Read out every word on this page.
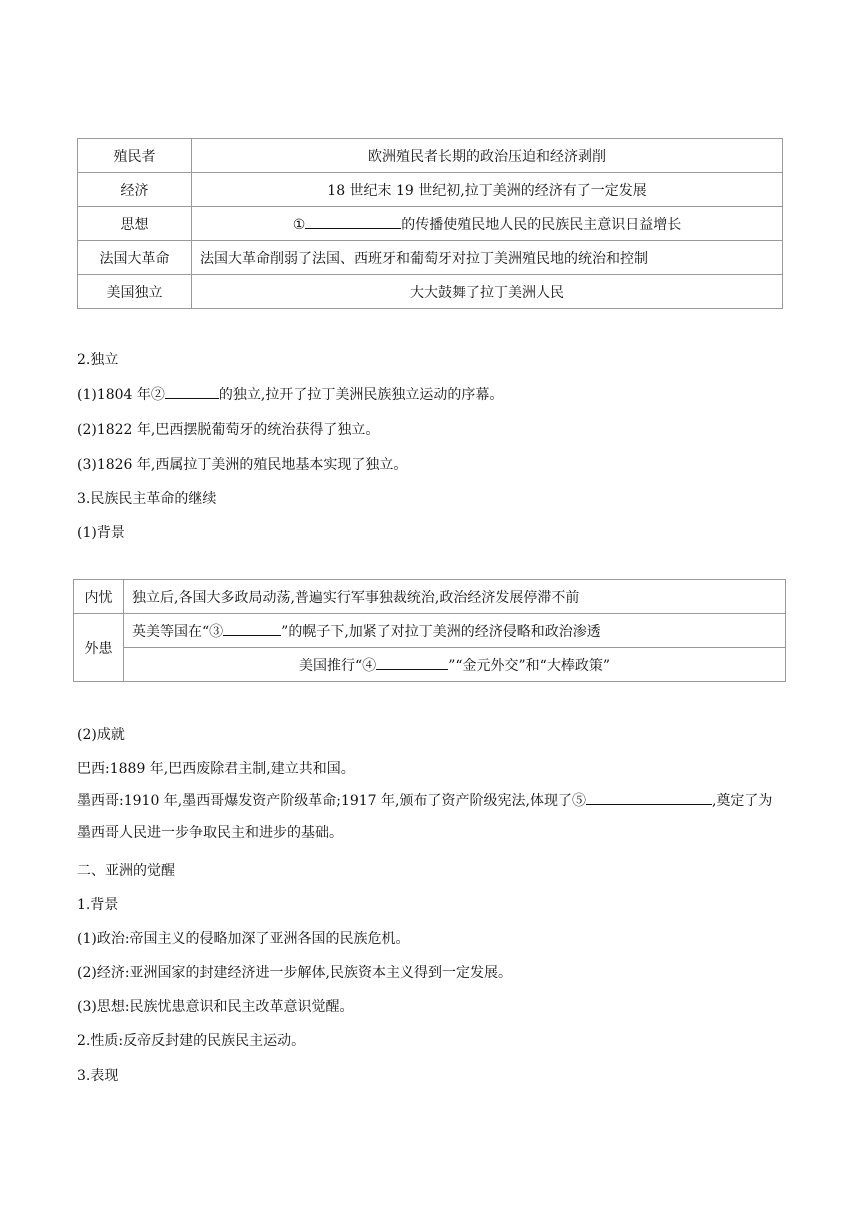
殖民者	欧洲殖民者长期的政治压迫和经济剥削
经济	18 世纪末 19 世纪初,拉丁美洲的经济有了一定发展
思想	① 的传播使殖民地人民的民族民主意识日益增长
法国大革命	法国大革命削弱了法国、西班牙和葡萄牙对拉丁美洲殖民地的统治和控制
美国独立	大大鼓舞了拉丁美洲人民
2.独立
(1)1804 年②	的独立,拉开了拉丁美洲民族独立运动的序幕。
(2)1822 年,巴西摆脱葡萄牙的统治获得了独立。
(3)1826 年,西属拉丁美洲的殖民地基本实现了独立。
3.民族民主革命的继续
(1)背景
内忧	独立后,各国大多政局动荡,普遍实行军事独裁统治,政治经济发展停滞不前
外患	英美等国在“③ ”的幌子下,加紧了对拉丁美洲的经济侵略和政治渗透
	美国推行“④ ”“金元外交”和“大棒政策”
(2)成就
巴西:1889 年,巴西废除君主制,建立共和国。
墨西哥:1910 年,墨西哥爆发资产阶级革命;1917 年,颁布了资产阶级宪法,体现了⑤	,奠定了为墨西哥人民进一步争取民主和进步的基础。
二、亚洲的觉醒
1.背景
(1)政治:帝国主义的侵略加深了亚洲各国的民族危机。
(2)经济:亚洲国家的封建经济进一步解体,民族资本主义得到一定发展。
(3)思想:民族忧患意识和民主改革意识觉醒。
2.性质:反帝反封建的民族民主运动。
3.表现
